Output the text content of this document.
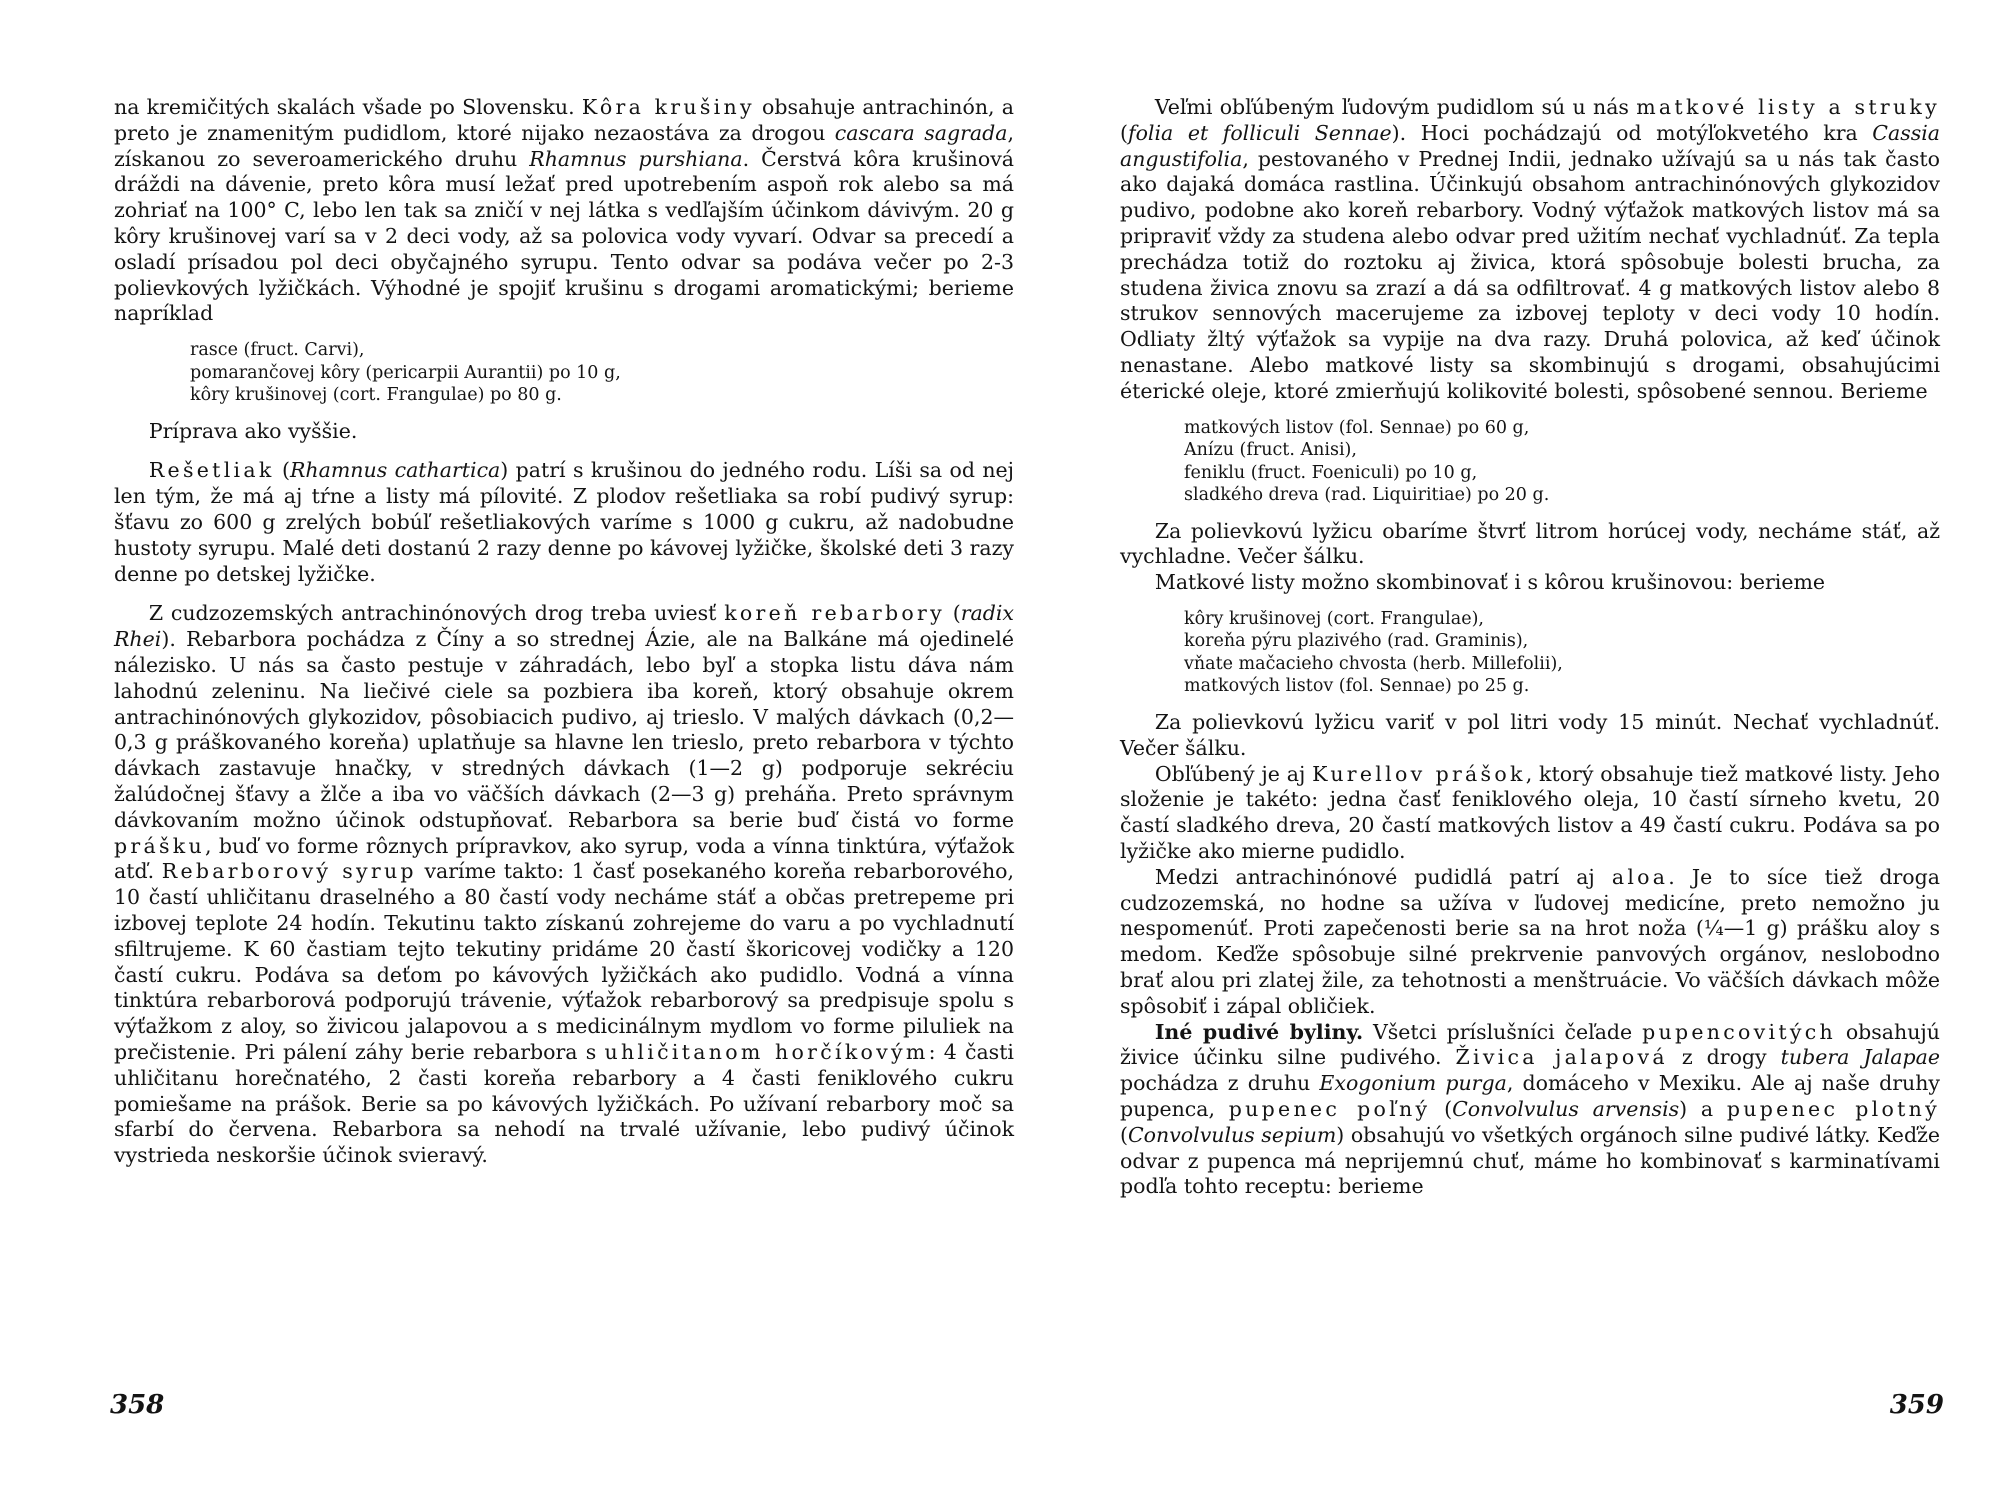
na kremičitých skalách všade po Slovensku. Kôra krušiny obsahuje antrachinón, a preto je znamenitým pudidlom, ktoré nijako nezaostáva za drogou cascara sagrada, získanou zo severoamerického druhu Rhamnus purshiana. Čerstvá kôra krušinová dráždi na dávenie, preto kôra musí ležať pred upotrebením aspoň rok alebo sa má zohriať na 100° C, lebo len tak sa zničí v nej látka s vedľajším účinkom dávivým. 20 g kôry krušinovej varí sa v 2 deci vody, až sa polovica vody vyvarí. Odvar sa precedí a osladí prísadou pol deci obyčajného syrupu. Tento odvar sa podáva večer po 2-3 polievkových lyžičkách. Výhodné je spojiť krušinu s drogami aromatickými; berieme napríklad

rasce (fruct. Carvi),
pomarančovej kôry (pericarpii Aurantii) po 10 g,
kôry krušinovej (cort. Frangulae) po 80 g.

Príprava ako vyššie.

Rešetliak (Rhamnus cathartica) patrí s krušinou do jedného rodu. Líši sa od nej len tým, že má aj tŕne a listy má pílovité. Z plodov rešetliaka sa robí pudivý syrup: šťavu zo 600 g zrelých bobúľ rešetliakových varíme s 1000 g cukru, až nadobudne hustoty syrupu. Malé deti dostanú 2 razy denne po kávovej lyžičke, školské deti 3 razy denne po detskej lyžičke.

Z cudzozemských antrachinónových drog treba uviesť koreň rebarbory (radix Rhei). Rebarbora pochádza z Číny a so strednej Ázie, ale na Balkáne má ojedinelé nálezisko. U nás sa často pestuje v záhradách, lebo byľ a stopka listu dáva nám lahodnú zeleninu. Na liečivé ciele sa pozbiera iba koreň, ktorý obsahuje okrem antrachinónových glykozidov, pôsobiacich pudivo, aj trieslo. V malých dávkach (0,2—0,3 g práškovaného koreňa) uplatňuje sa hlavne len trieslo, preto rebarbora v týchto dávkach zastavuje hnačky, v stredných dávkach (1—2 g) podporuje sekréciu žalúdočnej šťavy a žlče a iba vo väčších dávkach (2—3 g) preháňa. Preto správnym dávkovaním možno účinok odstupňovať. Rebarbora sa berie buď čistá vo forme prášku, buď vo forme rôznych prípravkov, ako syrup, voda a vínna tinktúra, výťažok atď. Rebarborový syrup varíme takto: 1 časť posekaného koreňa rebarborového, 10 častí uhličitanu draselného a 80 častí vody necháme stáť a občas pretrepeme pri izbovej teplote 24 hodín. Tekutinu takto získanú zohrejeme do varu a po vychladnutí sfiltrujeme. K 60 častiam tejto tekutiny pridáme 20 častí škoricovej vodičky a 120 častí cukru. Podáva sa deťom po kávových lyžičkách ako pudidlo. Vodná a vínna tinktúra rebarborová podporujú trávenie, výťažok rebarborový sa predpisuje spolu s výťažkom z aloy, so živicou jalapovou a s medicinálnym mydlom vo forme piluliek na prečistenie. Pri pálení záhy berie rebarbora s uhličitanom horčíkovým: 4 časti uhličitanu horečnatého, 2 časti koreňa rebarbory a 4 časti feniklového cukru pomiešame na prášok. Berie sa po kávových lyžičkách. Po užívaní rebarbory moč sa sfarbí do červena. Rebarbora sa nehodí na trvalé užívanie, lebo pudivý účinok vystrieda neskoršie účinok svieravý.

358

Veľmi obľúbeným ľudovým pudidlom sú u nás matkové listy a struky (folia et folliculi Sennae). Hoci pochádzajú od motýľokvetého kra Cassia angustifolia, pestovaného v Prednej Indii, jednako užívajú sa u nás tak často ako dajaká domáca rastlina. Účinkujú obsahom antrachinónových glykozidov pudivo, podobne ako koreň rebarbory. Vodný výťažok matkových listov má sa pripraviť vždy za studena alebo odvar pred užitím nechať vychladnúť. Za tepla prechádza totiž do roztoku aj živica, ktorá spôsobuje bolesti brucha, za studena živica znovu sa zrazí a dá sa odfiltrovať. 4 g matkových listov alebo 8 strukov sennových macerujeme za izbovej teploty v deci vody 10 hodín. Odliaty žltý výťažok sa vypije na dva razy. Druhá polovica, až keď účinok nenastane. Alebo matkové listy sa skombinujú s drogami, obsahujúcimi éterické oleje, ktoré zmierňujú kolikovité bolesti, spôsobené sennou. Berieme

matkových listov (fol. Sennae) po 60 g,
Anízu (fruct. Anisi),
feniklu (fruct. Foeniculi) po 10 g,
sladkého dreva (rad. Liquiritiae) po 20 g.

Za polievkovú lyžicu obaríme štvrť litrom horúcej vody, necháme stáť, až vychladne. Večer šálku.

Matkové listy možno skombinovať i s kôrou krušinovou: berieme

kôry krušinovej (cort. Frangulae),
koreňa pýru plazivého (rad. Graminis),
vňate mačacieho chvosta (herb. Millefolii),
matkových listov (fol. Sennae) po 25 g.

Za polievkovú lyžicu variť v pol litri vody 15 minút. Nechať vychladnúť. Večer šálku.

Obľúbený je aj Kurellov prášok, ktorý obsahuje tiež matkové listy. Jeho složenie je takéto: jedna časť feniklového oleja, 10 častí sírneho kvetu, 20 častí sladkého dreva, 20 častí matkových listov a 49 častí cukru. Podáva sa po lyžičke ako mierne pudidlo.

Medzi antrachinónové pudidlá patrí aj aloa. Je to síce tiež droga cudzozemská, no hodne sa užíva v ľudovej medicíne, preto nemožno ju nespomenúť. Proti zapečenosti berie sa na hrot noža (¼—1 g) prášku aloy s medom. Keďže spôsobuje silné prekrvenie panvových orgánov, neslobodno brať alou pri zlatej žile, za tehotnosti a menštruácie. Vo väčších dávkach môže spôsobiť i zápal obličiek.

Iné pudivé byliny. Všetci príslušníci čeľade pupencovitých obsahujú živice účinku silne pudivého. Živica jalapová z drogy tubera Jalapae pochádza z druhu Exogonium purga, domáceho v Mexiku. Ale aj naše druhy pupenca, pupenec poľný (Convolvulus arvensis) a pupenec plotný (Convolvulus sepium) obsahujú vo všetkých orgánoch silne pudivé látky. Keďže odvar z pupenca má neprijemnú chuť, máme ho kombinovať s karminatívami podľa tohto receptu: berieme

359
